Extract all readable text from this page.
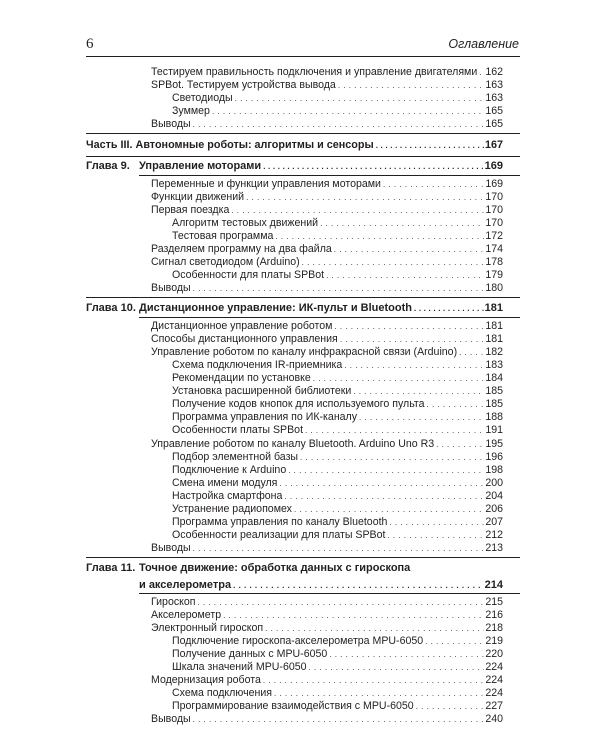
6	Оглавление
Тестируем правильность подключения и управление двигателями . . . 162
SPBot. Тестируем устройства вывода . . .	163
Светодиоды . . .	163
Зуммер . . .	165
Выводы . . .	165
Часть III. Автономные роботы: алгоритмы и сенсоры . . .	167
Глава 9. Управление моторами . . .	169
Переменные и функции управления моторами . . .	169
Функции движений . . .	170
Первая поездка . . .	170
Алгоритм тестовых движений . . .	170
Тестовая программа . . .	172
Разделяем программу на два файла . . .	174
Сигнал светодиодом (Arduino) . . .	178
Особенности для платы SPBot . . .	179
Выводы . . .	180
Глава 10. Дистанционное управление: ИК-пульт и Bluetooth . . .	181
Дистанционное управление роботом . . .	181
Способы дистанционного управления . . .	181
Управление роботом по каналу инфракрасной связи (Arduino) . . .	182
Схема подключения IR-приемника . . .	183
Рекомендации по установке . . .	184
Установка расширенной библиотеки . . .	185
Получение кодов кнопок для используемого пульта . . .	185
Программа управления по ИК-каналу . . .	188
Особенности платы SPBot . . .	191
Управление роботом по каналу Bluetooth. Arduino Uno R3 . . .	195
Подбор элементной базы . . .	196
Подключение к Arduino . . .	198
Смена имени модуля . . .	200
Настройка смартфона . . .	204
Устранение радиопомех . . .	206
Программа управления по каналу Bluetooth . . .	207
Особенности реализации для платы SPBot . . .	212
Выводы . . .	213
Глава 11. Точное движение: обработка данных с гироскопа
и акселерометра . . .	214
Гироскоп . . .	215
Акселерометр . . .	216
Электронный гироскоп . . .	218
Подключение гироскопа-акселерометра MPU-6050 . . .	219
Получение данных с MPU-6050 . . .	220
Шкала значений MPU-6050 . . .	224
Модернизация робота . . .	224
Схема подключения . . .	224
Программирование взаимодействия с MPU-6050 . . .	227
Выводы . . .	240
